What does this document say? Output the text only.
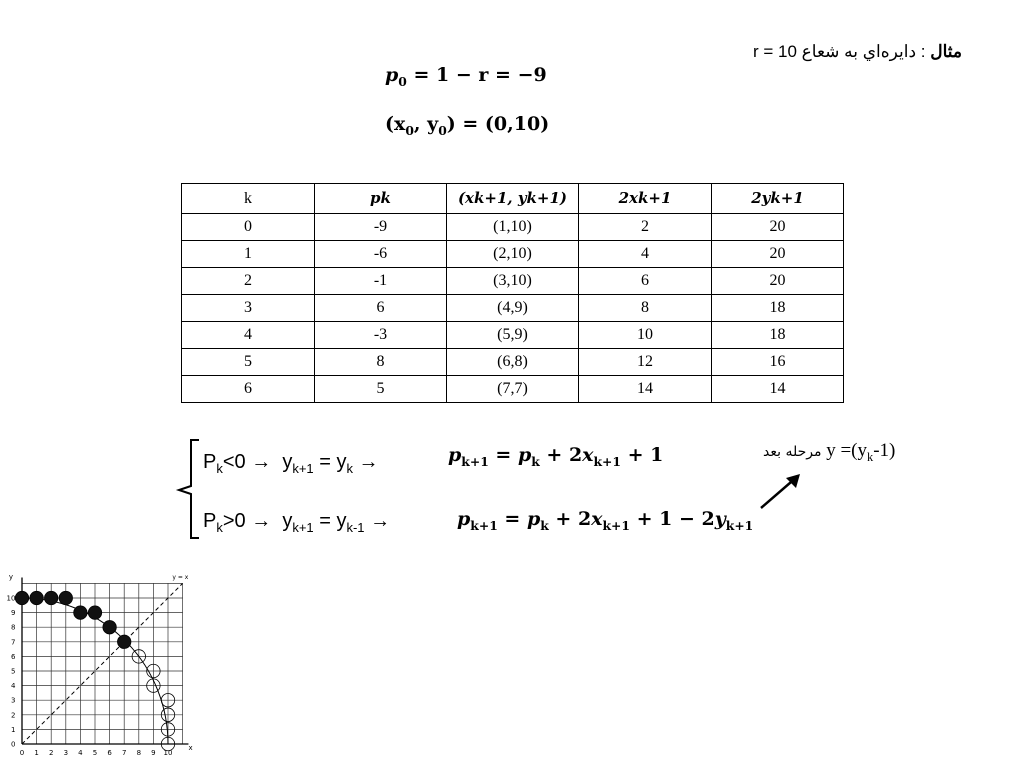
مثال : دايره‌اي به شعاع 10 = r
$p_0 = 1 - r = -9$
($x_0$, $y_0) = (0,10)$
k	pk	(xk+1, yk+1)	2xk+1	2yk+1
0	-9	(1,10)	2	20
1	-6	(2,10)	4	20
2	-1	(3,10)	6	20
3	6	(4,9)	8	18
4	-3	(5,9)	10	18
5	8	(6,8)	12	16
6	5	(7,7)	14	14
$P_k<0 \to y_{k+1} = y_k$ →
$P_k>0 \to y_{k+1} = y_{k-1}$ →
$p_{k+1} = p_k + 2x_{k+1} + 1$
$p_{k+1} = p_k + 2x_{k+1} + 1 - 2y_{k+1}$
مرحله بعد $y =(y_k-1)$
y
x
y = x
0 1 2 3 4 5 6 7 8 9 10
0
1
2
3
4
5
6
7
8
9
10
